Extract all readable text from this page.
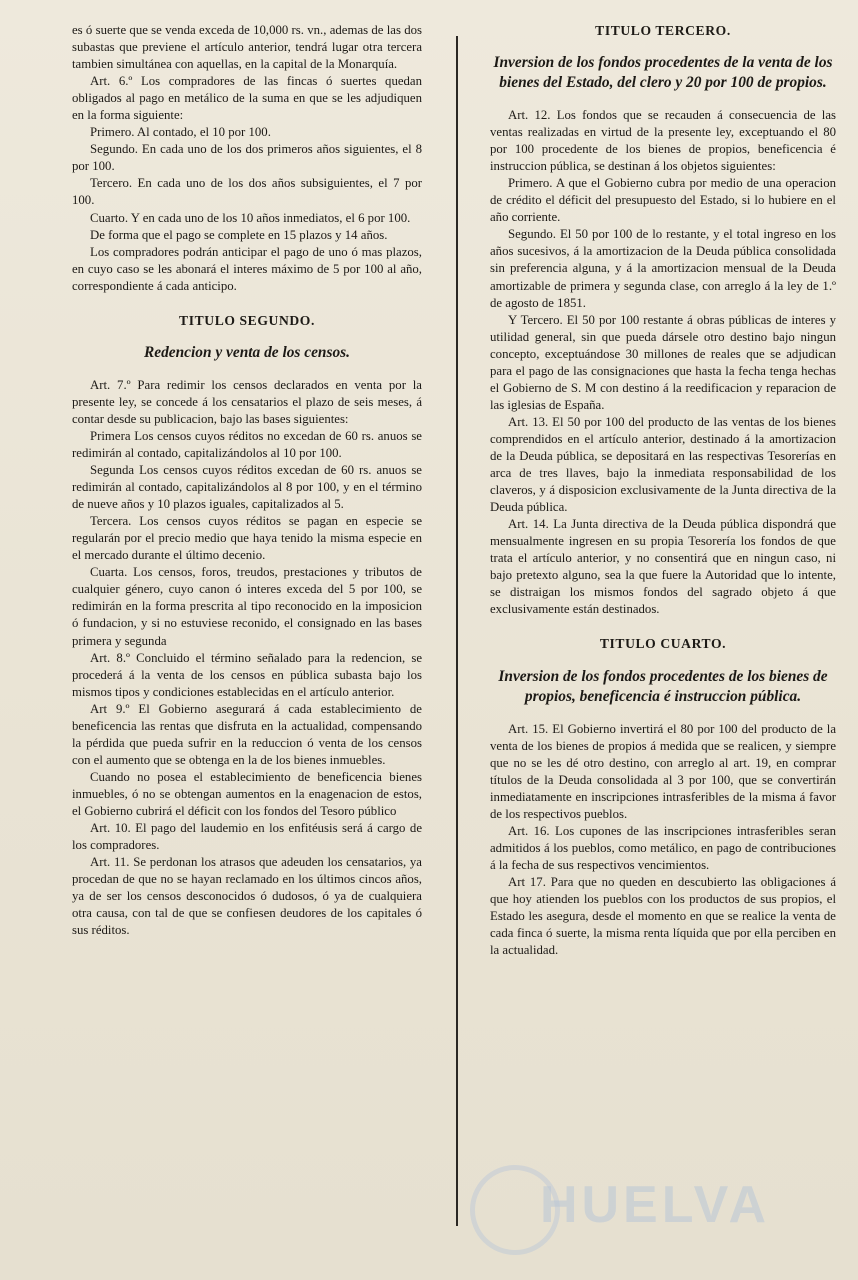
es ó suerte que se venda exceda de 10,000 rs. vn., ademas de las dos subastas que previene el artículo anterior, tendrá lugar otra tercera tambien simultánea con aquellas, en la capital de la Monarquía.

Art. 6.º Los compradores de las fincas ó suertes quedan obligados al pago en metálico de la suma en que se les adjudiquen en la forma siguiente:

Primero. Al contado, el 10 por 100.

Segundo. En cada uno de los dos primeros años siguientes, el 8 por 100.

Tercero. En cada uno de los dos años subsiguientes, el 7 por 100.

Cuarto. Y en cada uno de los 10 años inmediatos, el 6 por 100.

De forma que el pago se complete en 15 plazos y 14 años.

Los compradores podrán anticipar el pago de uno ó mas plazos, en cuyo caso se les abonará el interes máximo de 5 por 100 al año, correspondiente á cada anticipo.

TITULO SEGUNDO.
Redencion y venta de los censos.

Art. 7.º Para redimir los censos declarados en venta por la presente ley, se concede á los censatarios el plazo de seis meses, á contar desde su publicacion, bajo las bases siguientes:

Primera Los censos cuyos réditos no excedan de 60 rs. anuos se redimirán al contado, capitalizándolos al 10 por 100.

Segunda Los censos cuyos réditos excedan de 60 rs. anuos se redimirán al contado, capitalizándolos al 8 por 100, y en el término de nueve años y 10 plazos iguales, capitalizados al 5.

Tercera. Los censos cuyos réditos se pagan en especie se regularán por el precio medio que haya tenido la misma especie en el mercado durante el último decenio.

Cuarta. Los censos, foros, treudos, prestaciones y tributos de cualquier género, cuyo canon ó interes exceda del 5 por 100, se redimirán en la forma prescrita al tipo reconocido en la imposicion ó fundacion, y si no estuviese reconido, el consignado en las bases primera y segunda

Art. 8.º Concluido el término señalado para la redencion, se procederá á la venta de los censos en pública subasta bajo los mismos tipos y condiciones establecidas en el artículo anterior.

Art 9.º El Gobierno asegurará á cada establecimiento de beneficencia las rentas que disfruta en la actualidad, compensando la pérdida que pueda sufrir en la reduccion ó venta de los censos con el aumento que se obtenga en la de los bienes inmuebles.

Cuando no posea el establecimiento de beneficencia bienes inmuebles, ó no se obtengan aumentos en la enagenacion de estos, el Gobierno cubrirá el déficit con los fondos del Tesoro público

Art. 10. El pago del laudemio en los enfitéusis será á cargo de los compradores.

Art. 11. Se perdonan los atrasos que adeuden los censatarios, ya procedan de que no se hayan reclamado en los últimos cincos años, ya de ser los censos desconocidos ó dudosos, ó ya de cualquiera otra causa, con tal de que se confiesen deudores de los capitales ó sus réditos.

TITULO TERCERO.
Inversion de los fondos procedentes de la venta de los bienes del Estado, del clero y 20 por 100 de propios.

Art. 12. Los fondos que se recauden á consecuencia de las ventas realizadas en virtud de la presente ley, exceptuando el 80 por 100 procedente de los bienes de propios, beneficencia é instruccion pública, se destinan á los objetos siguientes:

Primero. A que el Gobierno cubra por medio de una operacion de crédito el déficit del presupuesto del Estado, si lo hubiere en el año corriente.

Segundo. El 50 por 100 de lo restante, y el total ingreso en los años sucesivos, á la amortizacion de la Deuda pública consolidada sin preferencia alguna, y á la amortizacion mensual de la Deuda amortizable de primera y segunda clase, con arreglo á la ley de 1.º de agosto de 1851.

Y Tercero. El 50 por 100 restante á obras públicas de interes y utilidad general, sin que pueda dársele otro destino bajo ningun concepto, exceptuándose 30 millones de reales que se adjudican para el pago de las consignaciones que hasta la fecha tenga hechas el Gobierno de S. M con destino á la reedificacion y reparacion de las iglesias de España.

Art. 13. El 50 por 100 del producto de las ventas de los bienes comprendidos en el artículo anterior, destinado á la amortizacion de la Deuda pública, se depositará en las respectivas Tesorerías en arca de tres llaves, bajo la inmediata responsabilidad de los claveros, y á disposicion exclusivamente de la Junta directiva de la Deuda pública.

Art. 14. La Junta directiva de la Deuda pública dispondrá que mensualmente ingresen en su propia Tesorería los fondos de que trata el artículo anterior, y no consentirá que en ningun caso, ni bajo pretexto alguno, sea la que fuere la Autoridad que lo intente, se distraigan los mismos fondos del sagrado objeto á que exclusivamente están destinados.

TITULO CUARTO.
Inversion de los fondos procedentes de los bienes de propios, beneficencia é instruccion pública.

Art. 15. El Gobierno invertirá el 80 por 100 del producto de la venta de los bienes de propios á medida que se realicen, y siempre que no se les dé otro destino, con arreglo al art. 19, en comprar títulos de la Deuda consolidada al 3 por 100, que se convertirán inmediatamente en inscripciones intrasferibles de la misma á favor de los respectivos pueblos.

Art. 16. Los cupones de las inscripciones intrasferibles seran admitidos á los pueblos, como metálico, en pago de contribuciones á la fecha de sus respectivos vencimientos.

Art 17. Para que no queden en descubierto las obligaciones á que hoy atienden los pueblos con los productos de sus propios, el Estado les asegura, desde el momento en que se realice la venta de cada finca ó suerte, la misma renta líquida que por ella perciben en la actualidad.

HUELVA
